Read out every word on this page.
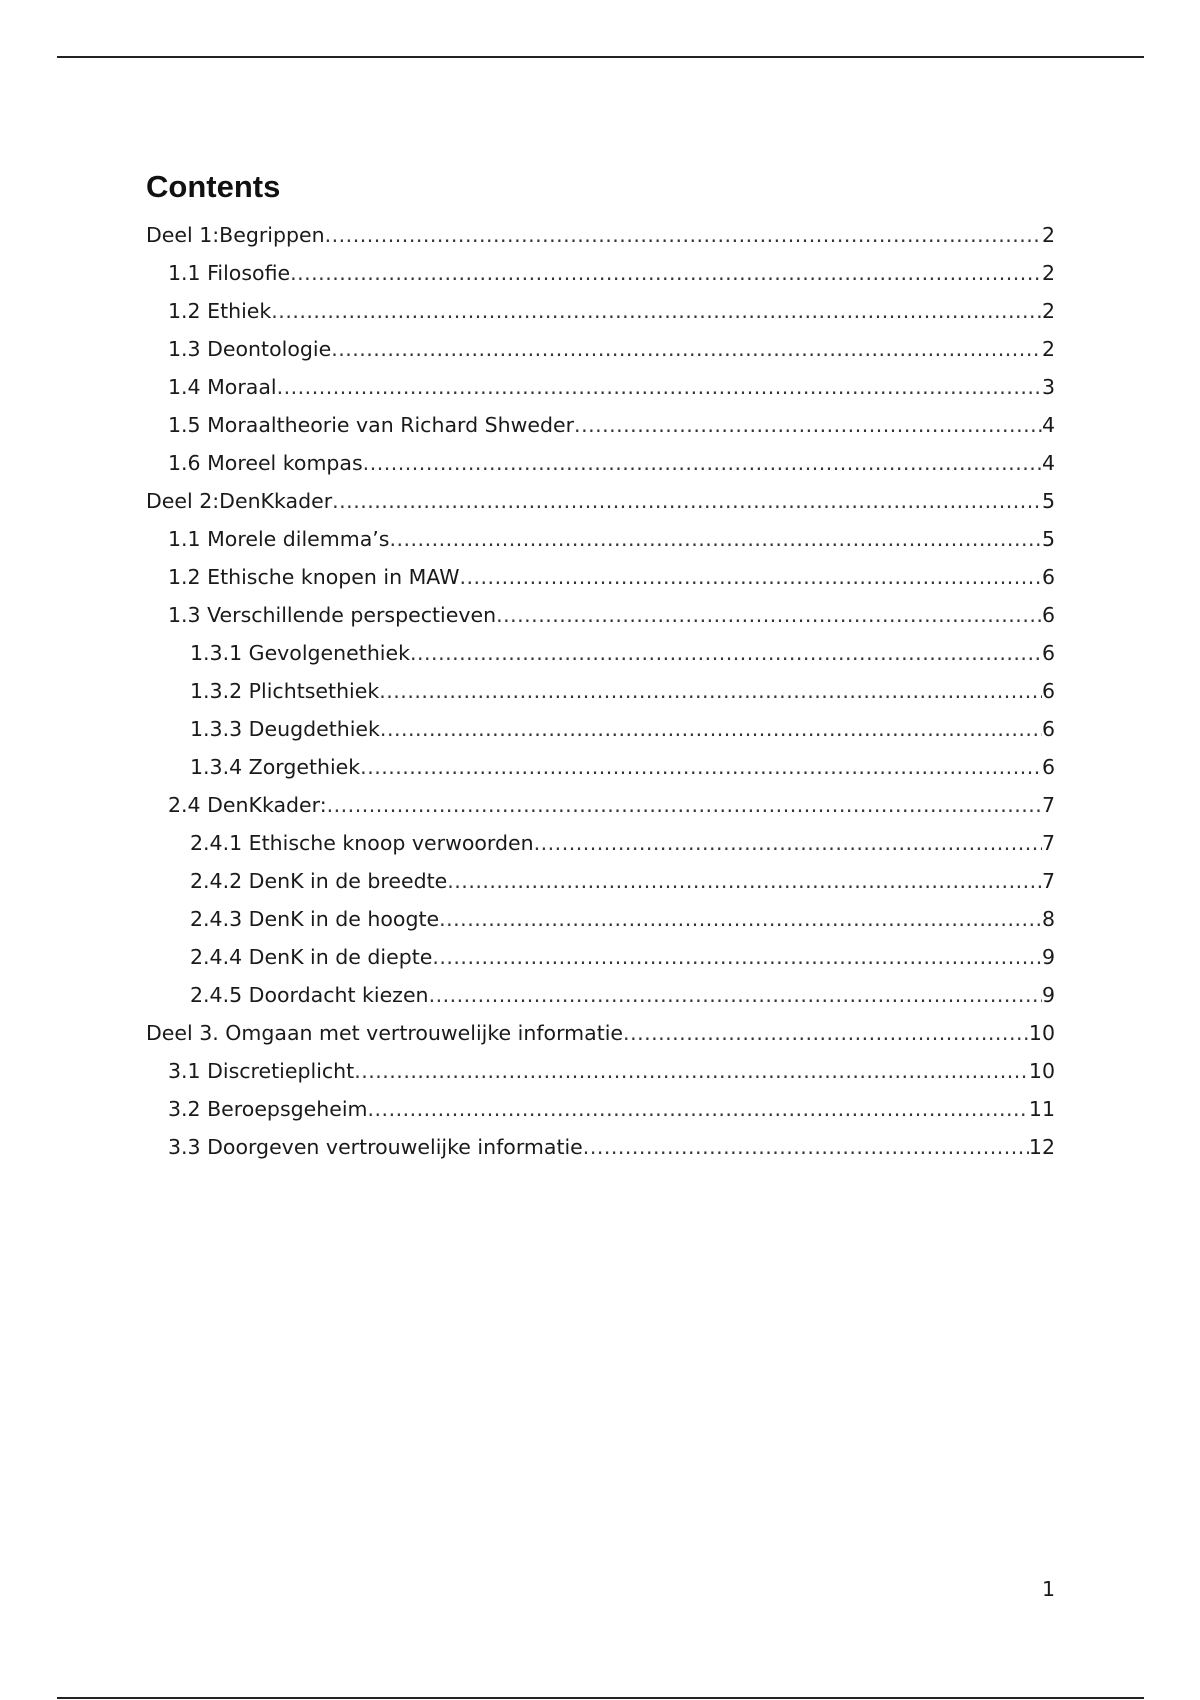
Contents
Deel 1:Begrippen .....	2
1.1 Filosofie .....	2
1.2 Ethiek .....	2
1.3 Deontologie .....	2
1.4 Moraal .....	3
1.5 Moraaltheorie van Richard Shweder .....	4
1.6 Moreel kompas .....	4
Deel 2:DenKkader .....	5
1.1 Morele dilemma’s .....	5
1.2 Ethische knopen in MAW .....	6
1.3 Verschillende perspectieven .....	6
1.3.1 Gevolgenethiek .....	6
1.3.2 Plichtsethiek .....	6
1.3.3 Deugdethiek .....	6
1.3.4 Zorgethiek .....	6
2.4 DenKkader: .....	7
2.4.1 Ethische knoop verwoorden .....	7
2.4.2 DenK in de breedte .....	7
2.4.3 DenK in de hoogte .....	8
2.4.4 DenK in de diepte .....	9
2.4.5 Doordacht kiezen .....	9
Deel 3. Omgaan met vertrouwelijke informatie .....	10
3.1 Discretieplicht .....	10
3.2 Beroepsgeheim .....	11
3.3 Doorgeven vertrouwelijke informatie .....	12
1
